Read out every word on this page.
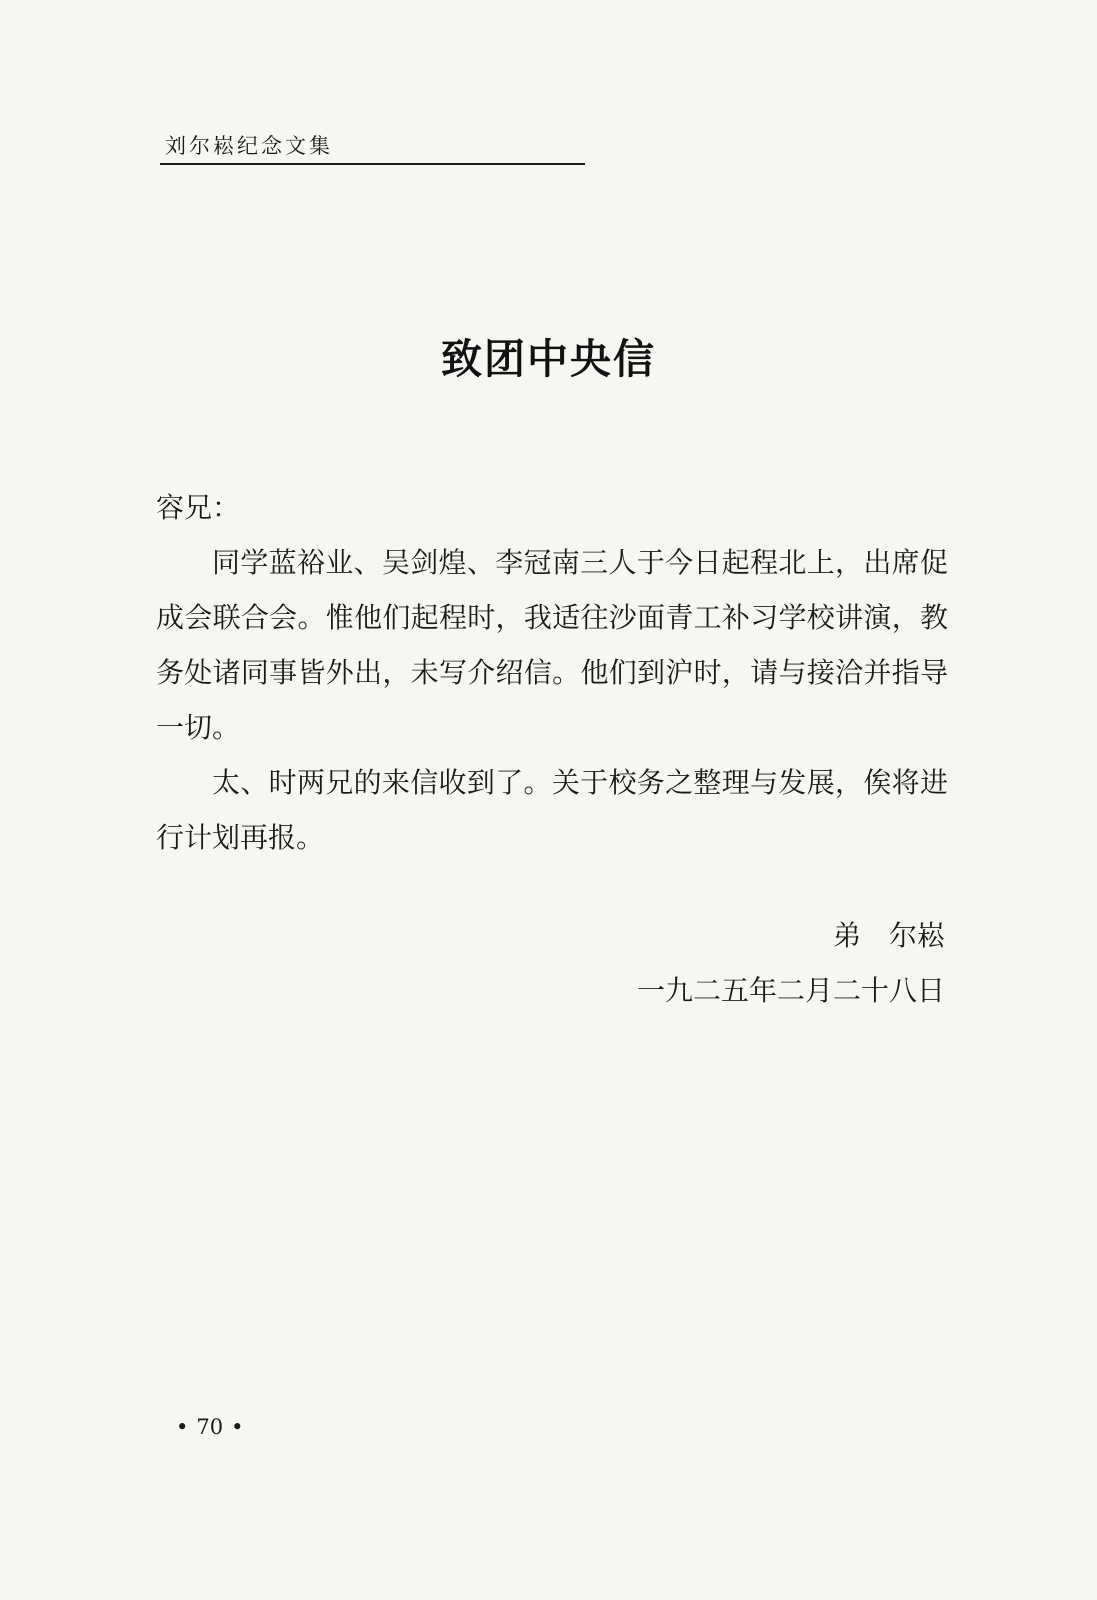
刘尔崧纪念文集
致团中央信

容兄：

同学蓝裕业、吴剑煌、李冠南三人于今日起程北上，出席促成会联合会。惟他们起程时，我适往沙面青工补习学校讲演，教务处诸同事皆外出，未写介绍信。他们到沪时，请与接洽并指导一切。

太、时两兄的来信收到了。关于校务之整理与发展，俟将进行计划再报。

弟　尔崧
一九二五年二月二十八日
• 70 •
